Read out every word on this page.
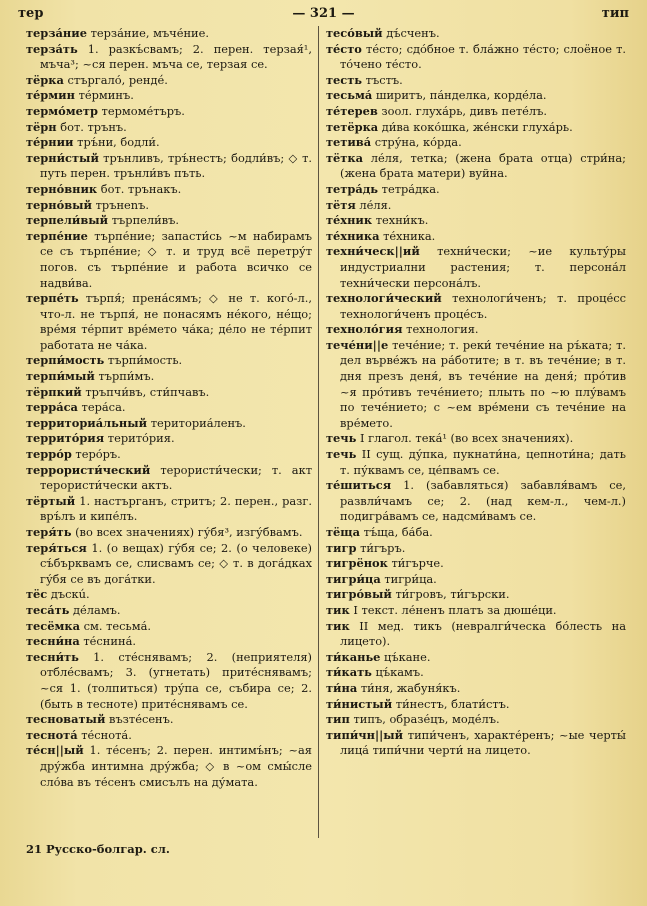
тер	— 321 —	тип

терза́ние терза́ние, мъче́ние.

терза́ть 1. разкъ́свамъ; 2. перен. терзая́¹, мъча³; ~ся перен. мъча се, терзая се.

тёрка стъргало́, рендé.

те́рмин те́рминъ.

термо́метр термоме́търъ.

тёрн бот. трънъ.

те́рнии тръ́ни, бодли́.

терни́стый трънливъ, тръ́нестъ; бодли́въ; ◇ т. путь перен. трънли́въ пъть.

терно́вник бот. трънакъ.

терно́вый трънenъ.

терпели́вый търпели́въ.

терпе́ние търпе́ние; запасти́сь ~м набирамъ се съ търпе́ние; ◇ т. и труд всё перетру́т погов. съ търпе́ние и работа всичко се надви́ва.

терпе́ть търпя́; прена́сямъ; ◇ не т. кого́-л., что-л. не търпя́, не понасямъ не́кого, не́що; вре́мя те́рпит вре́мето ча́ка; де́ло не те́рпит работата не ча́ка.

терпи́мость търпи́мость.

терпи́мый търпи́мъ.

тёрпкий тръпчи́въ, сти́пчавъ.

терра́са тера́са.

территориа́льный териториа́ленъ.

террито́рия терито́рия.

терро́р теро́ръ.

террористи́ческий терористи́чески; т. акт терористи́чески актъ.

тёртый 1. настърганъ, стритъ; 2. перен., разг. връ́лъ и кипе́лъ.

теря́ть (во всех значениях) гу́бя³, изгу́бвамъ.

теря́ться 1. (о вещах) гу́бя се; 2. (о человеке) съ́бърквамъ се, слисвамъ се; ◇ т. в дога́дках гу́бя се въ дога́тки.

тёс дъскú.

теса́ть де́ламъ.

тесёмка см. тесьма́.

тесни́на те́снина́.

тесни́ть 1. сте́снявамъ; 2. (неприятеля) отбле́свамъ; 3. (угнетать) прите́снявамъ; ~ся 1. (толпиться) тру́па се, събира се; 2. (быть в тесноте) прите́снявамъ се.

тесноватый възте́сенъ.

теснота́ те́снота́.

те́сн||ый 1. те́сенъ; 2. перен. интимъ́нъ; ~ая дру́жба интимна дру́жба; ◇ в ~ом смы́сле сло́ва въ те́сенъ смисълъ на ду́мата.

тесо́вый дъ́сченъ.

те́сто те́сто; сдо́бное т. бла́жно те́сто; слоёное т. то́чено те́сто.

тесть тъстъ.

тесьма́ ширитъ, па́нделка, корде́ла.

те́терев зоол. глуха́рь, дивъ пете́лъ.

тетёрка ди́ва коко́шка, же́нски глуха́рь.

тетива́ стру́на, ко́рда.

тётка ле́ля, тетка; (жена брата отца) стри́на; (жена брата матери) вуйна.

тетра́дь тетра́дка.

тётя ле́ля.

те́хник техни́къ.

те́хника те́хника.

техни́ческ||ий техни́чески; ~ие культу́ры индустриални растения; т. персона́л техни́чески персона́лъ.

технологи́ческий технологи́ченъ; т. проце́сс технологи́ченъ проце́съ.

техноло́гия технология.

тече́ни||е тече́ние; т. реки́ тече́ние на ръ́ката; т. дел върве́жъ на ра́ботите; в т. въ тече́ние; в т. дня презъ деня́, въ тече́ние на деня́; про́тив ~я про́тивъ тече́нието; плыть по ~ю плу́вамъ по тече́нието; с ~ем вре́мени съ тече́ние на вре́мето.

течь I глагол. тека́¹ (во всех значениях).

течь II сущ. ду́пка, пукнати́на, цепноти́на; дать т. пу́квамъ се, це́пвамъ се.

те́шиться 1. (забавляться) забавля́вамъ се, развли́чамъ се; 2. (над кем-л., чем-л.) подигра́вамъ се, надсми́вамъ се.

тёща тъ́ща, ба́ба.

тигр ти́гъръ.

тигрёнок ти́гърче.

тигри́ца тигри́ца.

тигро́вый ти́гровъ, ти́гърски.

тик I текст. ле́ненъ платъ за дюше́ци.

тик II мед. тикъ (невралги́ческа бо́лесть на лицето).

ти́канье цъ́кане.

ти́кать цъ́камъ.

ти́на ти́ня, жабуня́къ.

ти́нистый ти́нестъ, блати́стъ.

тип типъ, образе́цъ, моде́лъ.

типи́чн||ый типи́ченъ, характе́ренъ; ~ые черты́ лица́ типи́чни черти́ на лицето.

21 Русско-болгар. сл.
